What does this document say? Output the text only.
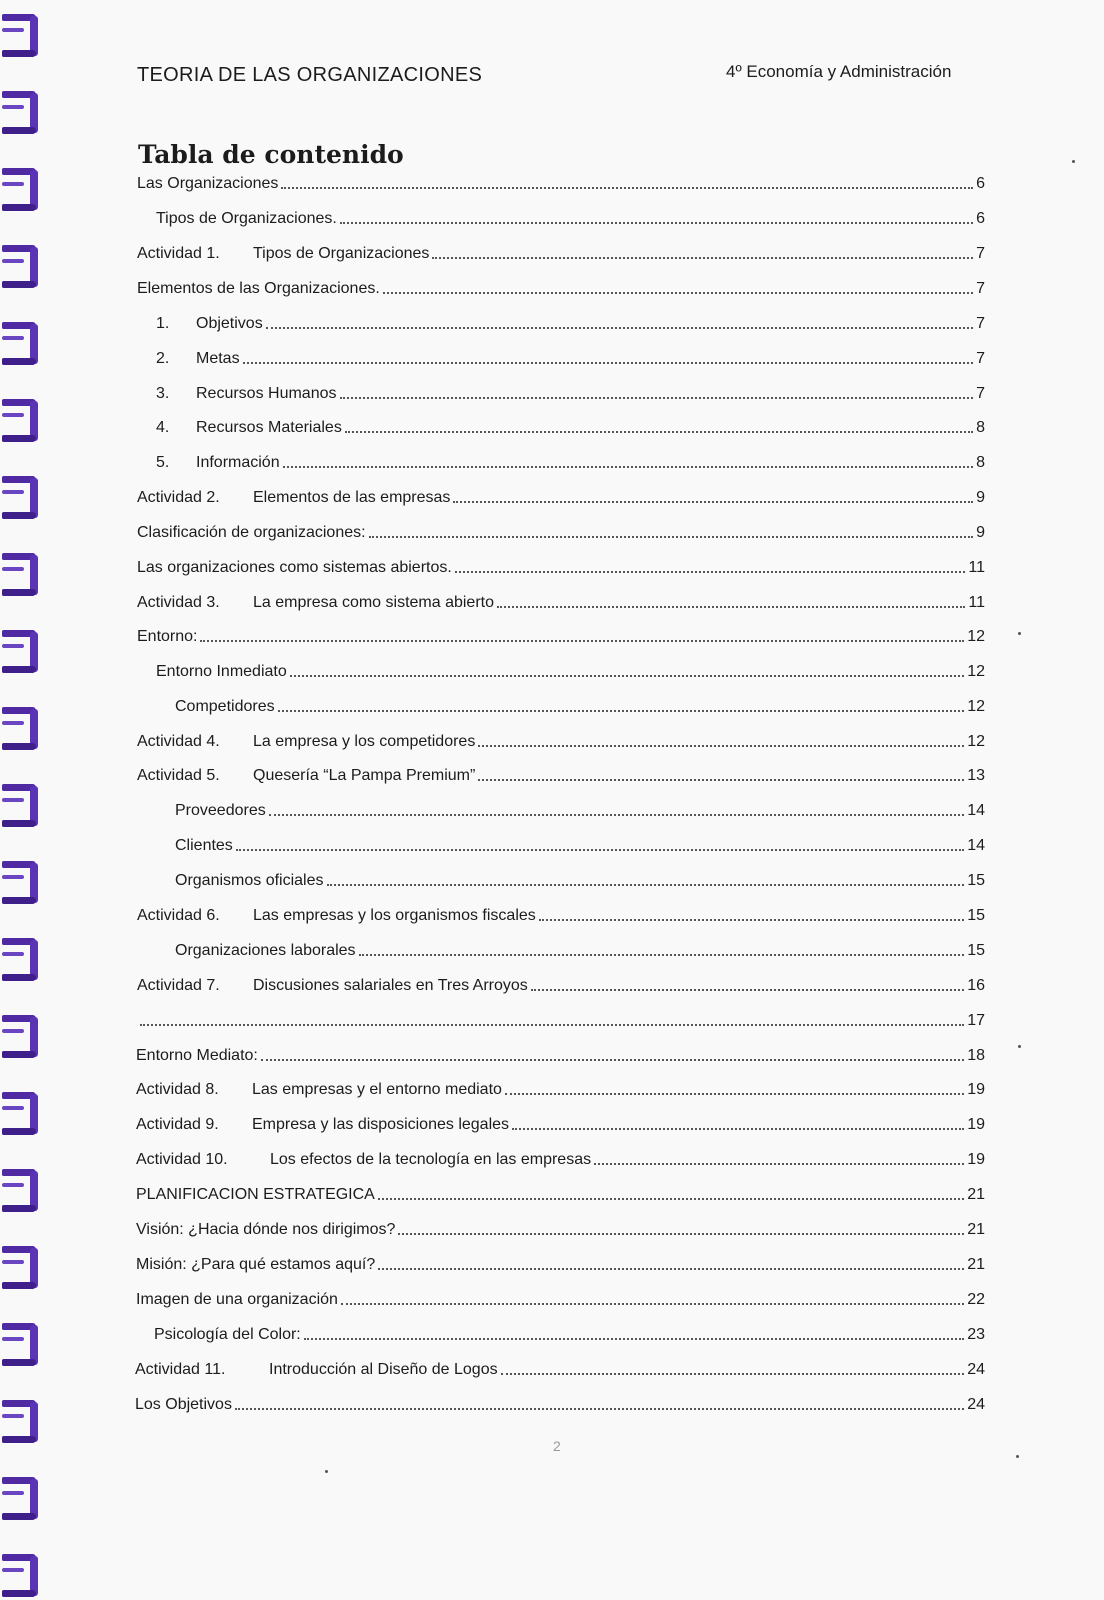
TEORIA DE LAS ORGANIZACIONES	4º Economía y Administración
Tabla de contenido
Las Organizaciones	6
Tipos de Organizaciones.	6
Actividad 1.	Tipos de Organizaciones	7
Elementos de las Organizaciones.	7
1.	Objetivos	7
2.	Metas	7
3.	Recursos Humanos	7
4.	Recursos Materiales	8
5.	Información	8
Actividad 2.	Elementos de las empresas	9
Clasificación de organizaciones:	9
Las organizaciones como sistemas abiertos.	11
Actividad 3.	La empresa como sistema abierto	11
Entorno:	12
Entorno Inmediato	12
Competidores	12
Actividad 4.	La empresa y los competidores	12
Actividad 5.	Quesería “La Pampa Premium”	13
Proveedores	14
Clientes	14
Organismos oficiales	15
Actividad 6.	Las empresas y los organismos fiscales	15
Organizaciones laborales	15
Actividad 7.	Discusiones salariales en Tres Arroyos	16
17
Entorno Mediato:	18
Actividad 8.	Las empresas y el entorno mediato	19
Actividad 9.	Empresa y las disposiciones legales	19
Actividad 10.	Los efectos de la tecnología en las empresas	19
PLANIFICACION ESTRATEGICA	21
Visión: ¿Hacia dónde nos dirigimos?	21
Misión: ¿Para qué estamos aquí?	21
Imagen de una organización	22
Psicología del Color:	23
Actividad 11.	Introducción al Diseño de Logos	24
Los Objetivos	24
2
